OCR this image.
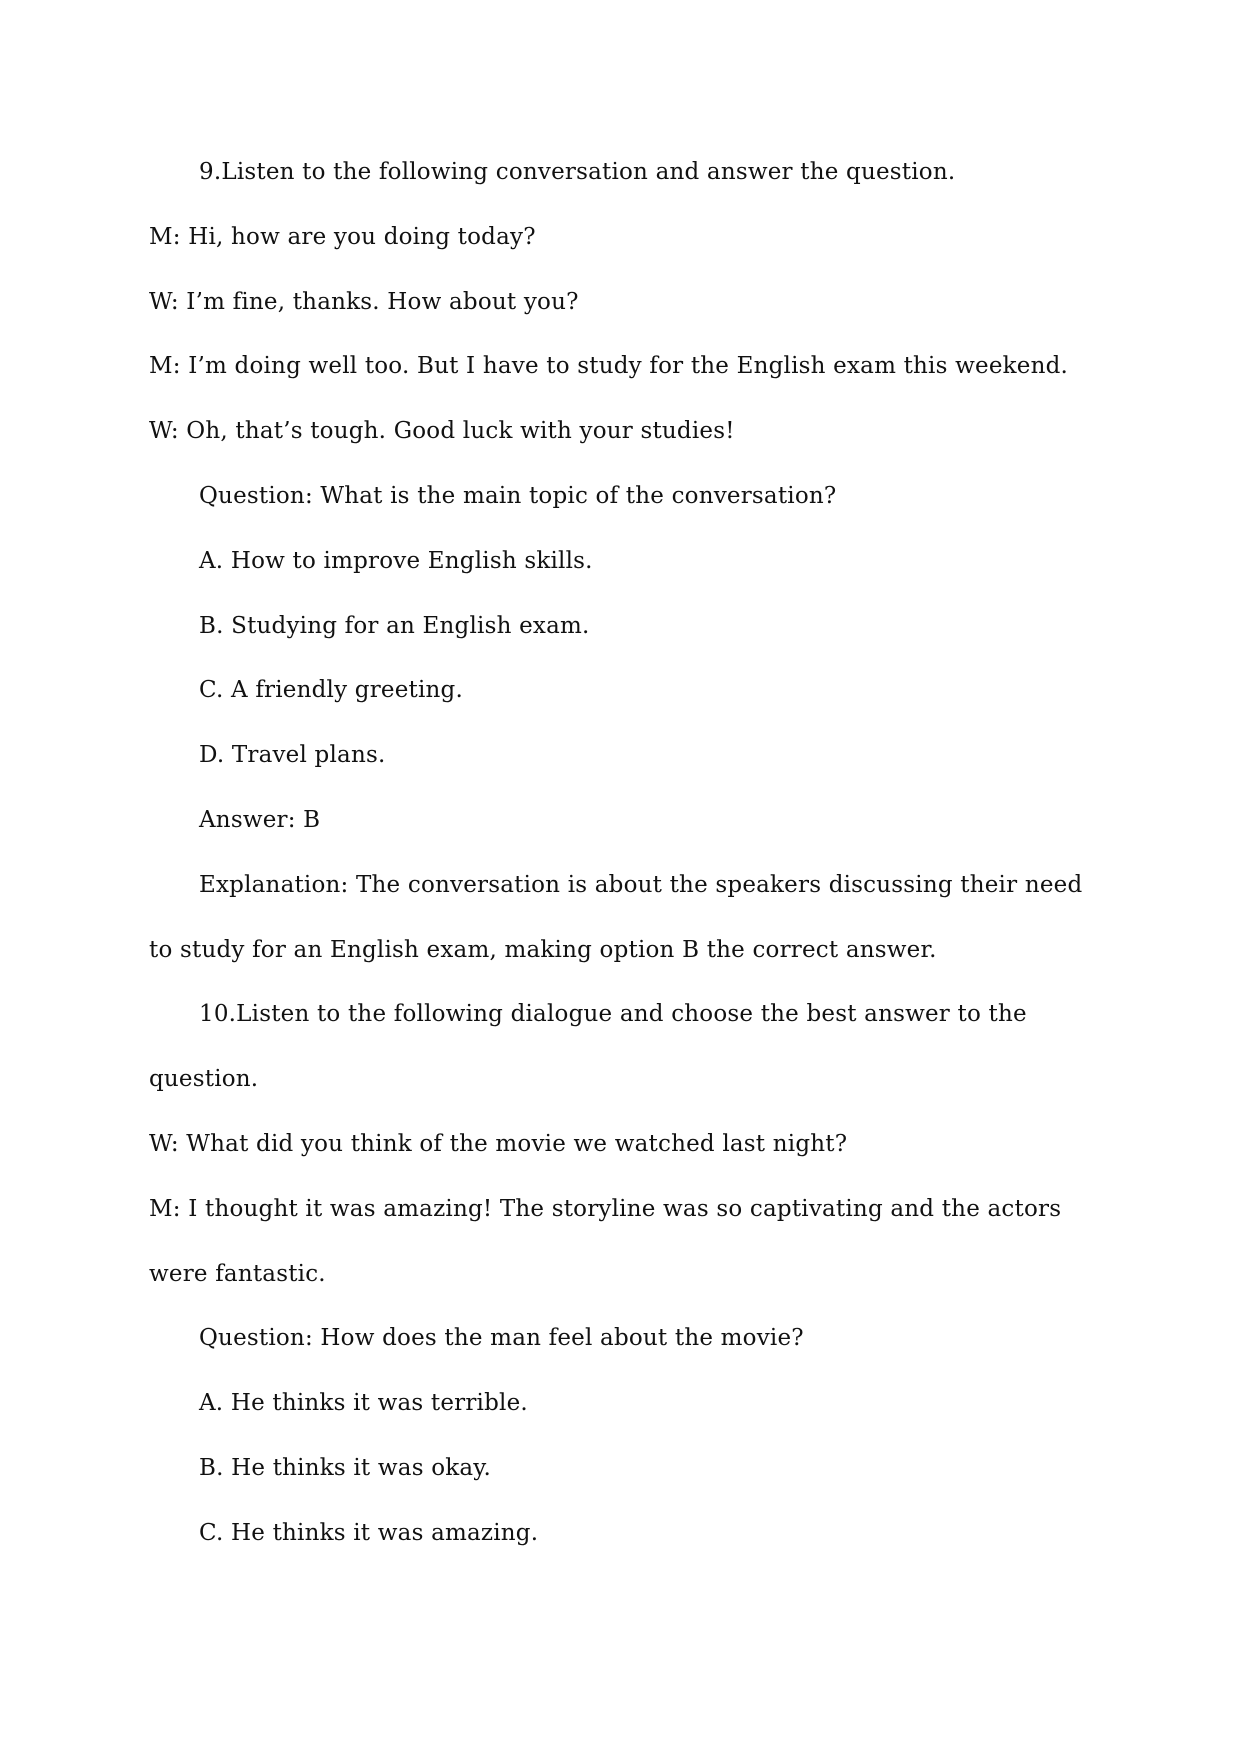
9.Listen to the following conversation and answer the question.
M: Hi, how are you doing today?
W: I’m fine, thanks. How about you?
M: I’m doing well too. But I have to study for the English exam this weekend.
W: Oh, that’s tough. Good luck with your studies!
Question: What is the main topic of the conversation?
A. How to improve English skills.
B. Studying for an English exam.
C. A friendly greeting.
D. Travel plans.
Answer: B
Explanation: The conversation is about the speakers discussing their need
to study for an English exam, making option B the correct answer.
10.Listen to the following dialogue and choose the best answer to the
question.
W: What did you think of the movie we watched last night?
M: I thought it was amazing! The storyline was so captivating and the actors
were fantastic.
Question: How does the man feel about the movie?
A. He thinks it was terrible.
B. He thinks it was okay.
C. He thinks it was amazing.
